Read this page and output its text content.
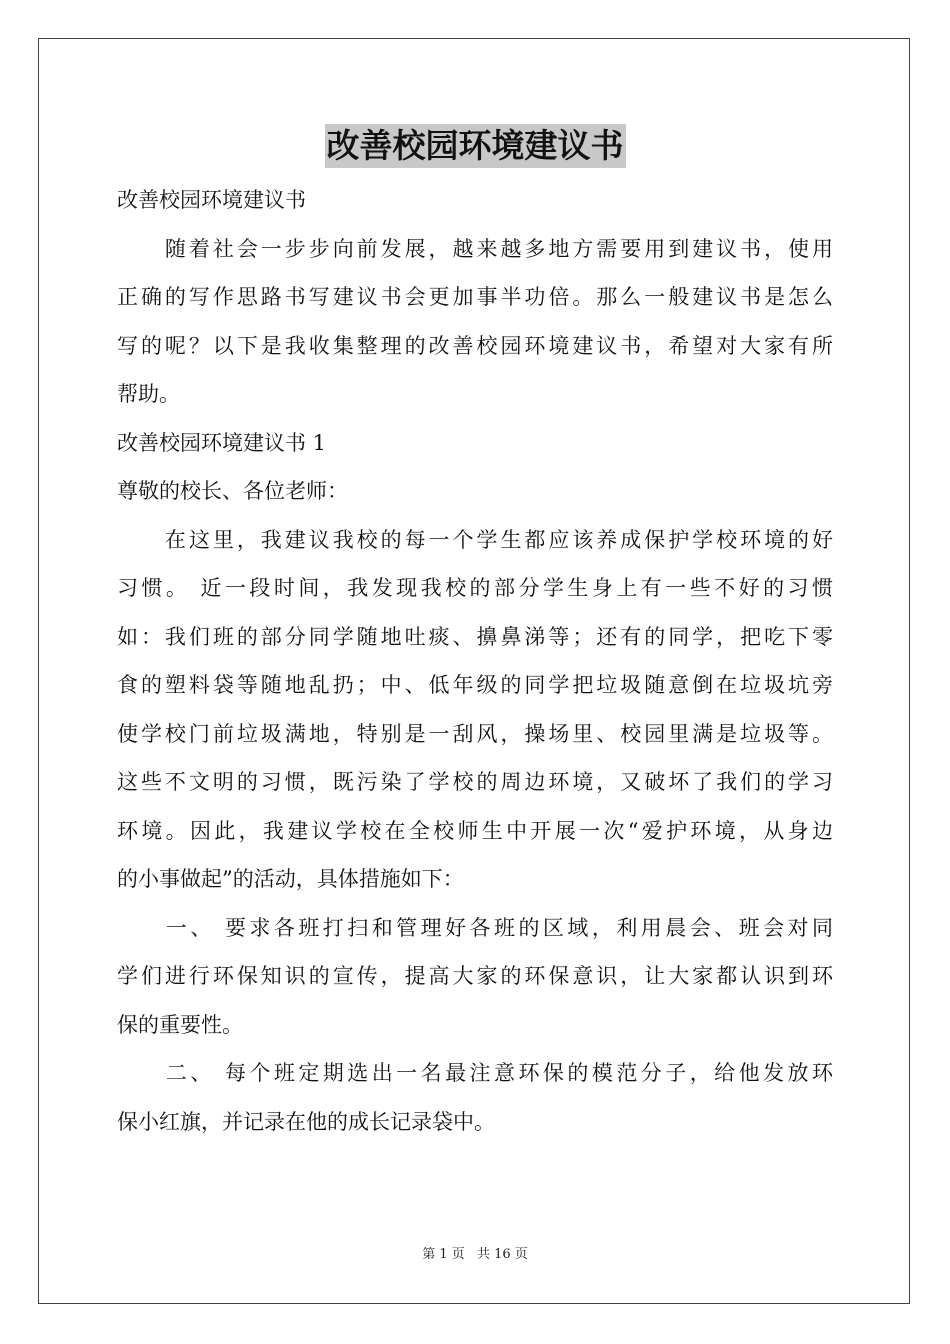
改善校园环境建议书

改善校园环境建议书

　　随着社会一步步向前发展，越来越多地方需要用到建议书，使用

正确的写作思路书写建议书会更加事半功倍。那么一般建议书是怎么

写的呢？以下是我收集整理的改善校园环境建议书，希望对大家有所

帮助。

改善校园环境建议书 1

尊敬的校长、各位老师：

　　在这里，我建议我校的每一个学生都应该养成保护学校环境的好

习惯。 近一段时间，我发现我校的部分学生身上有一些不好的习惯

如：我们班的部分同学随地吐痰、擤鼻涕等；还有的同学，把吃下零

食的塑料袋等随地乱扔；中、低年级的同学把垃圾随意倒在垃圾坑旁

使学校门前垃圾满地，特别是一刮风，操场里、校园里满是垃圾等。

这些不文明的习惯，既污染了学校的周边环境，又破坏了我们的学习

环境。因此，我建议学校在全校师生中开展一次“爱护环境，从身边

的小事做起”的活动，具体措施如下：

　　一、 要求各班打扫和管理好各班的区域，利用晨会、班会对同

学们进行环保知识的宣传，提高大家的环保意识，让大家都认识到环

保的重要性。

　　二、 每个班定期选出一名最注意环保的模范分子，给他发放环

保小红旗，并记录在他的成长记录袋中。

第 1 页 共 16 页
